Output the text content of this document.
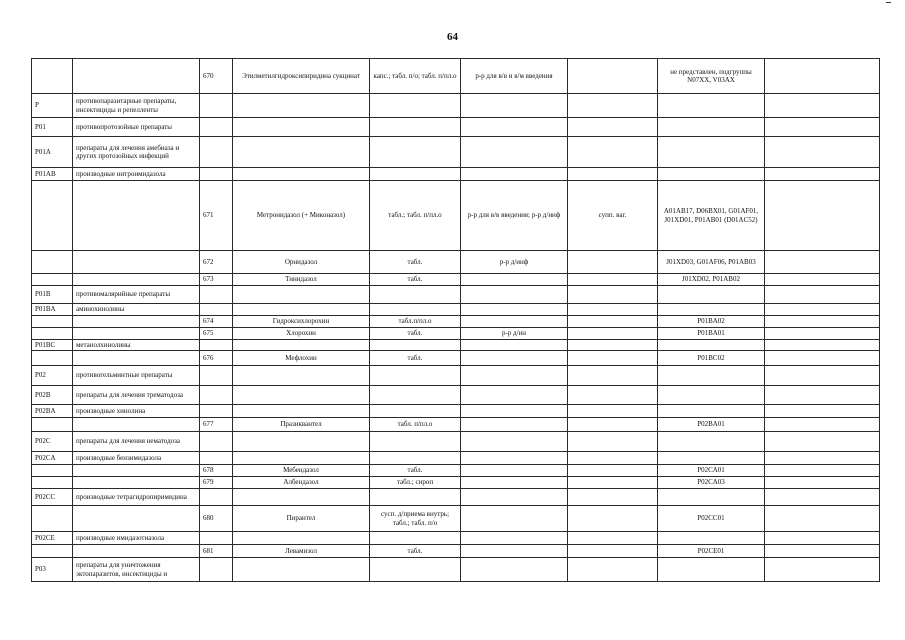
64
		670	Этилметилгидроксипиридина сукцинат	капс.; табл. п/о; табл. п/пл.о	р-р для в/в и в/м введения		не представлен, подгруппы N07XX, V03AX	
P	противопаразитарные препараты, инсектициды и репелленты							
P01	противопротозойные препараты							
P01A	препараты для лечения амебиаза и других протозойных инфекций							
P01AB	производные нитроимидазола							
		671	Метронидазол (+ Миконазол)	табл.; табл. п/пл.о	р-р для в/в введения; р-р д/инф	супп. ваг.	A01AB17, D06BX01, G01AF01, J01XD01, P01AB01 (D01AC52)	
		672	Орнидазол	табл.	р-р д/инф		J01XD03, G01AF06, P01AB03	
		673	Тинидазол	табл.			J01XD02, P01AB02	
P01B	противомалярийные препараты							
P01BA	аминохинолины							
		674	Гидроксихлорохин	табл.п/пл.о			P01BA02	
		675	Хлорохин	табл.	р-р д/ин		P01BA01	
P01BC	метанолхинолины							
		676	Мефлохин	табл.			P01BC02	
P02	противогельминтные препараты							
P02B	препараты для лечения трематодоза							
P02BA	производные хинолина							
		677	Празиквантел	табл. п/пл.о			P02BA01	
P02C	препараты для лечения нематодоза							
P02CA	производные бензимидазола							
		678	Мебендазол	табл.			P02CA01	
		679	Албендазол	табл.; сироп			P02CA03	
P02CC	производные тетрагидропиримидина							
		680	Пирантел	сусп. д/приема внутрь; табл.; табл. п/о			P02CC01	
P02CE	производные имидазотиазола							
		681	Левамизол	табл.			P02CE01	
P03	препараты для уничтожения эктопаразитов, инсектициды и							
